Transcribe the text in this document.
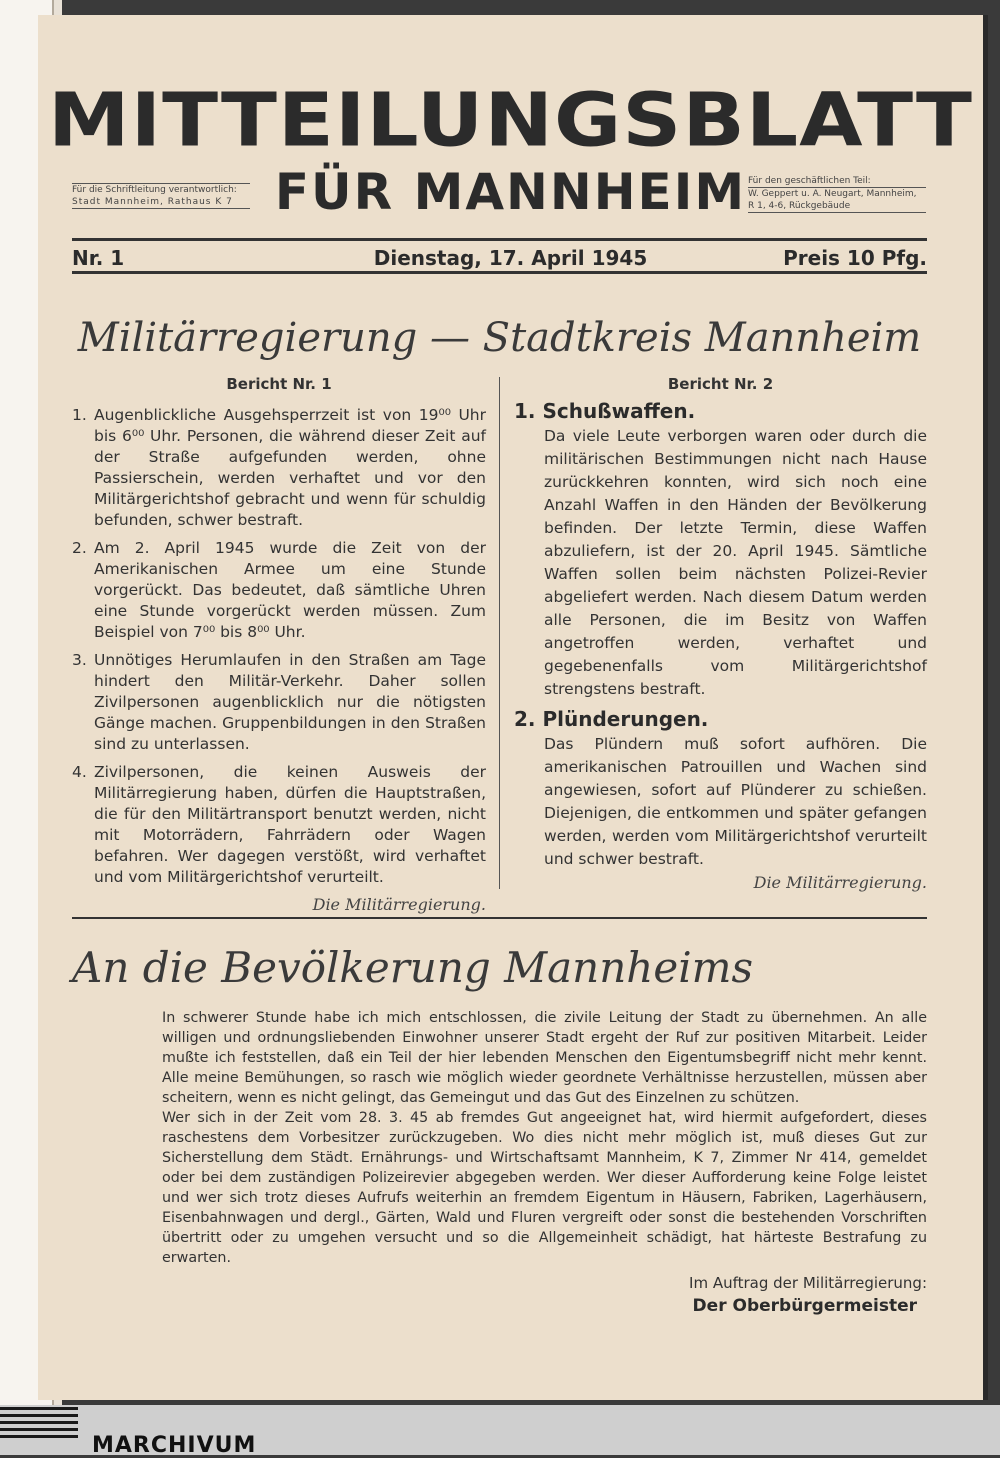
MITTEILUNGSBLATT
Für die Schriftleitung verantwortlich:
Stadt Mannheim, Rathaus K 7 FÜR MANNHEIM Für den geschäftlichen Teil:
W. Geppert u. A. Neugart, Mannheim,
R 1, 4-6, Rückgebäude
Nr. 1	Dienstag, 17. April 1945	Preis 10 Pfg.
Militärregierung — Stadtkreis Mannheim
Bericht Nr. 1
1. Augenblickliche Ausgehsperrzeit ist von 19⁰⁰ Uhr bis 6⁰⁰ Uhr. Personen, die während dieser Zeit auf der Straße aufgefunden werden, ohne Passierschein, werden verhaftet und vor den Militärgerichtshof gebracht und wenn für schuldig befunden, schwer bestraft.
2. Am 2. April 1945 wurde die Zeit von der Amerikanischen Armee um eine Stunde vorgerückt. Das bedeutet, daß sämtliche Uhren eine Stunde vorgerückt werden müssen. Zum Beispiel von 7⁰⁰ bis 8⁰⁰ Uhr.
3. Unnötiges Herumlaufen in den Straßen am Tage hindert den Militär-Verkehr. Daher sollen Zivilpersonen augenblicklich nur die nötigsten Gänge machen. Gruppenbildungen in den Straßen sind zu unterlassen.
4. Zivilpersonen, die keinen Ausweis der Militärregierung haben, dürfen die Hauptstraßen, die für den Militärtransport benutzt werden, nicht mit Motorrädern, Fahrrädern oder Wagen befahren. Wer dagegen verstößt, wird verhaftet und vom Militärgerichtshof verurteilt.
Die Militärregierung.
Bericht Nr. 2
1. Schußwaffen.
Da viele Leute verborgen waren oder durch die militärischen Bestimmungen nicht nach Hause zurückkehren konnten, wird sich noch eine Anzahl Waffen in den Händen der Bevölkerung befinden. Der letzte Termin, diese Waffen abzuliefern, ist der 20. April 1945. Sämtliche Waffen sollen beim nächsten Polizei-Revier abgeliefert werden. Nach diesem Datum werden alle Personen, die im Besitz von Waffen angetroffen werden, verhaftet und gegebenenfalls vom Militärgerichtshof strengstens bestraft.
2. Plünderungen.
Das Plündern muß sofort aufhören. Die amerikanischen Patrouillen und Wachen sind angewiesen, sofort auf Plünderer zu schießen. Diejenigen, die entkommen und später gefangen werden, werden vom Militärgerichtshof verurteilt und schwer bestraft.
Die Militärregierung.
An die Bevölkerung Mannheims
In schwerer Stunde habe ich mich entschlossen, die zivile Leitung der Stadt zu übernehmen. An alle willigen und ordnungsliebenden Einwohner unserer Stadt ergeht der Ruf zur positiven Mitarbeit. Leider mußte ich feststellen, daß ein Teil der hier lebenden Menschen den Eigentumsbegriff nicht mehr kennt. Alle meine Bemühungen, so rasch wie möglich wieder geordnete Verhältnisse herzustellen, müssen aber scheitern, wenn es nicht gelingt, das Gemeingut und das Gut des Einzelnen zu schützen.
Wer sich in der Zeit vom 28. 3. 45 ab fremdes Gut angeeignet hat, wird hiermit aufgefordert, dieses raschestens dem Vorbesitzer zurückzugeben. Wo dies nicht mehr möglich ist, muß dieses Gut zur Sicherstellung dem Städt. Ernährungs- und Wirtschaftsamt Mannheim, K 7, Zimmer Nr 414, gemeldet oder bei dem zuständigen Polizeirevier abgegeben werden. Wer dieser Aufforderung keine Folge leistet und wer sich trotz dieses Aufrufs weiterhin an fremdem Eigentum in Häusern, Fabriken, Lagerhäusern, Eisenbahnwagen und dergl., Gärten, Wald und Fluren vergreift oder sonst die bestehenden Vorschriften übertritt oder zu umgehen versucht und so die Allgemeinheit schädigt, hat härteste Bestrafung zu erwarten.
Im Auftrag der Militärregierung:
Der Oberbürgermeister
MARCHIVUM
